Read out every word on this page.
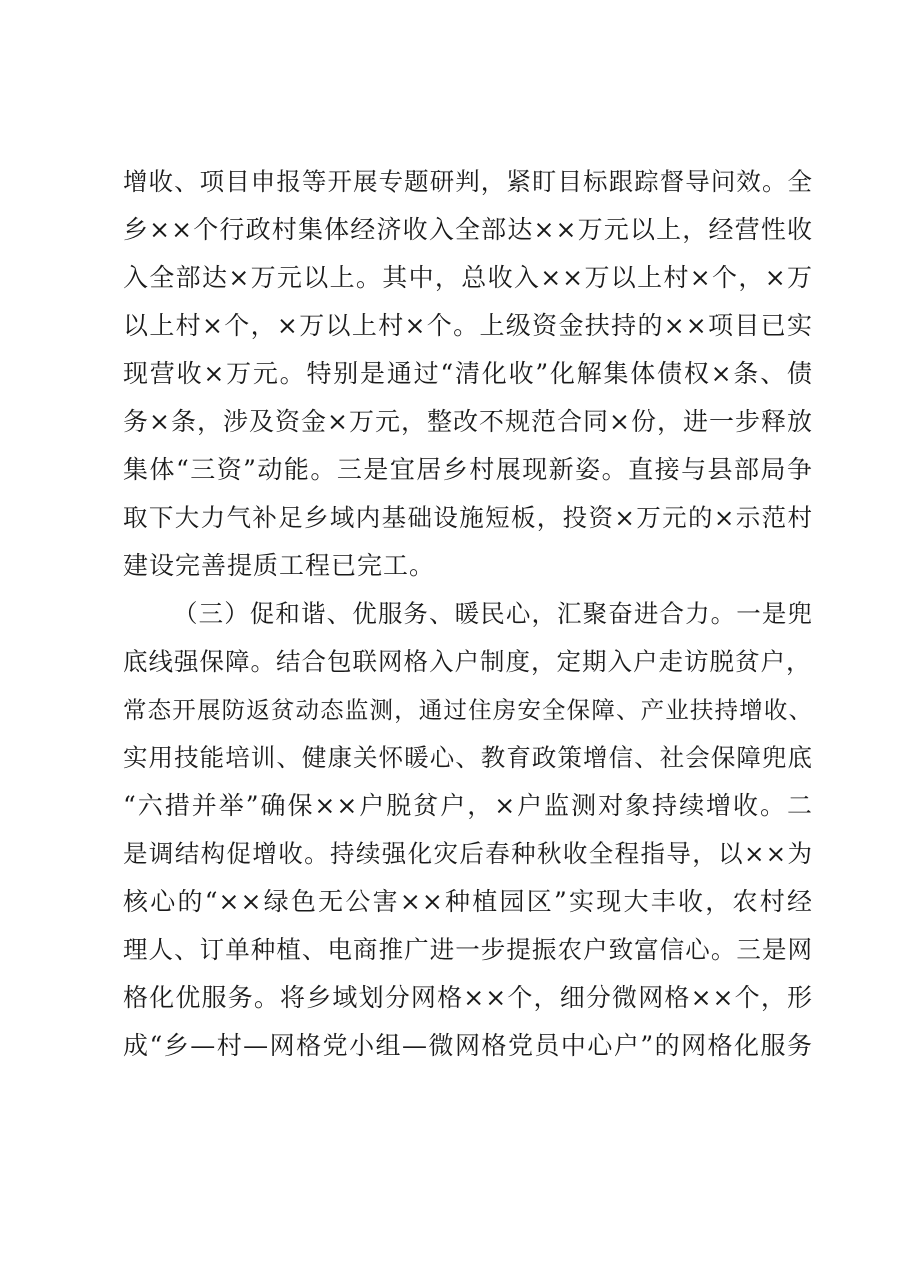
增收、项目申报等开展专题研判，紧盯目标跟踪督导问效。全
乡××个行政村集体经济收入全部达××万元以上，经营性收
入全部达×万元以上。其中，总收入××万以上村×个，×万
以上村×个，×万以上村×个。上级资金扶持的××项目已实
现营收×万元。特别是通过“清化收”化解集体债权×条、债
务×条，涉及资金×万元，整改不规范合同×份，进一步释放
集体“三资”动能。三是宜居乡村展现新姿。直接与县部局争
取下大力气补足乡域内基础设施短板，投资×万元的×示范村
建设完善提质工程已完工。
（三）促和谐、优服务、暖民心，汇聚奋进合力。一是兜
底线强保障。结合包联网格入户制度，定期入户走访脱贫户，
常态开展防返贫动态监测，通过住房安全保障、产业扶持增收、
实用技能培训、健康关怀暖心、教育政策增信、社会保障兜底
“六措并举”确保××户脱贫户，×户监测对象持续增收。二
是调结构促增收。持续强化灾后春种秋收全程指导，以××为
核心的“××绿色无公害××种植园区”实现大丰收，农村经
理人、订单种植、电商推广进一步提振农户致富信心。三是网
格化优服务。将乡域划分网格××个，细分微网格××个，形
成“乡—村—网格党小组—微网格党员中心户”的网格化服务
